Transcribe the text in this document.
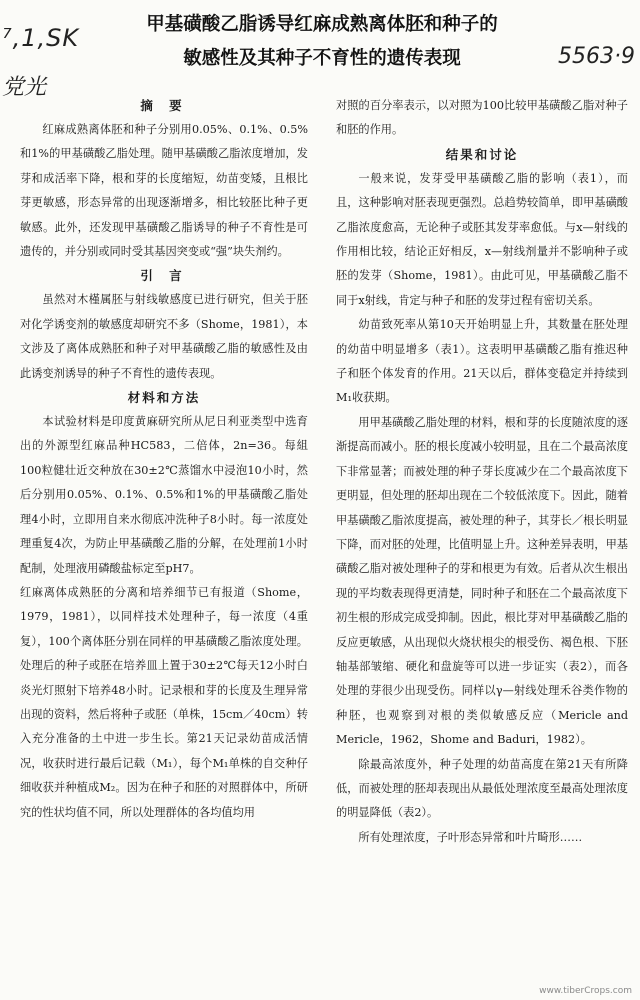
⁷,1,SK
党光
5563·9
甲基磺酸乙脂诱导红麻成熟离体胚和种子的
敏感性及其种子不育性的遗传表现
摘 要

红麻成熟离体胚和种子分别用0.05%、0.1%、0.5%和1%的甲基磺酸乙脂处理。随甲基磺酸乙脂浓度增加，发芽和成活率下降，根和芽的长度缩短，幼苗变矮，且根比芽更敏感，形态异常的出现逐渐增多，相比较胚比种子更敏感。此外，还发现甲基磺酸乙脂诱导的种子不育性是可遗传的，并分别或同时受其基因突变或“强”块失剂约。

引 言

虽然对木槿属胚与射线敏感度已进行研究，但关于胚对化学诱变剂的敏感度却研究不多（Shome，1981），本文涉及了离体成熟胚和种子对甲基磺酸乙脂的敏感性及由此诱变剂诱导的种子不育性的遗传表现。

材料和方法

本试验材料是印度黄麻研究所从尼日利亚类型中选育出的外源型红麻品种HC583，二倍体，2n=36。每組100粒健壮近交种放在30±2℃蒸馏水中浸泡10小时，然后分别用0.05%、0.1%、0.5%和1%的甲基磺酸乙脂处理4小时，立即用自来水彻底冲洗种子8小时。每一浓度处理重复4次，为防止甲基磺酸乙脂的分解，在处理前1小时配制，处理液用磷酸盐标定至pH7。

红麻离体成熟胚的分离和培养细节已有报道（Shome，1979，1981），以同样技术处理种子，每一浓度（4重复），100个离体胚分别在同样的甲基磺酸乙脂浓度处理。处理后的种子或胚在培养皿上置于30±2℃每天12小时白炎光灯照射下培养48小时。记录根和芽的长度及生理异常出现的资料，然后将种子或胚（单株，15cm／40cm）转入充分准备的土中进一步生长。第21天记录幼苗成活情况，收获时进行最后记载（M₁），每个M₁单株的自交种仔细收获并种植成M₂。因为在种子和胚的对照群体中，所研究的性状均值不同，所以处理群体的各均值均用

对照的百分率表示，以对照为100比较甲基磺酸乙脂对种子和胚的作用。

结果和讨论

一般来说，发芽受甲基磺酸乙脂的影响（表1），而且，这种影响对胚表现更强烈。总趋势较简单，即甲基磺酸乙脂浓度愈高，无论种子或胚其发芽率愈低。与x—射线的作用相比较，结论正好相反，x—射线剂量并不影响种子或胚的发芽（Shome，1981）。由此可见，甲基磺酸乙脂不同于x射线，肯定与种子和胚的发芽过程有密切关系。

幼苗致死率从第10天开始明显上升，其数量在胚处理的幼苗中明显增多（表1）。这表明甲基磺酸乙脂有推迟种子和胚个体发育的作用。21天以后，群体变稳定并持续到M₁收获期。

用甲基磺酸乙脂处理的材料，根和芽的长度随浓度的逐渐提高而减小。胚的根长度减小较明显，且在二个最高浓度下非常显著；而被处理的种子芽长度减少在二个最高浓度下更明显，但处理的胚却出现在二个较低浓度下。因此，随着甲基磺酸乙脂浓度提高，被处理的种子，其芽长／根长明显下降，而对胚的处理，比值明显上升。这种差异表明，甲基磺酸乙脂对被处理种子的芽和根更为有效。后者从次生根出现的平均数表现得更清楚，同时种子和胚在二个最高浓度下初生根的形成完成受抑制。因此，根比芽对甲基磺酸乙脂的反应更敏感，从出现似火烧状根尖的根受伤、褐色根、下胚轴基部皱缩、硬化和盘旋等可以进一步证实（表2），而各处理的芽很少出现受伤。同样以γ—射线处理禾谷类作物的种胚，也观察到对根的类似敏感反应（Mericle and Mericle，1962，Shome and Baduri，1982）。

除最高浓度外，种子处理的幼苗高度在第21天有所降低，而被处理的胚却表现出从最低处理浓度至最高处理浓度的明显降低（表2）。

所有处理浓度，子叶形态异常和叶片畸形……

www.tiberCrops.com
